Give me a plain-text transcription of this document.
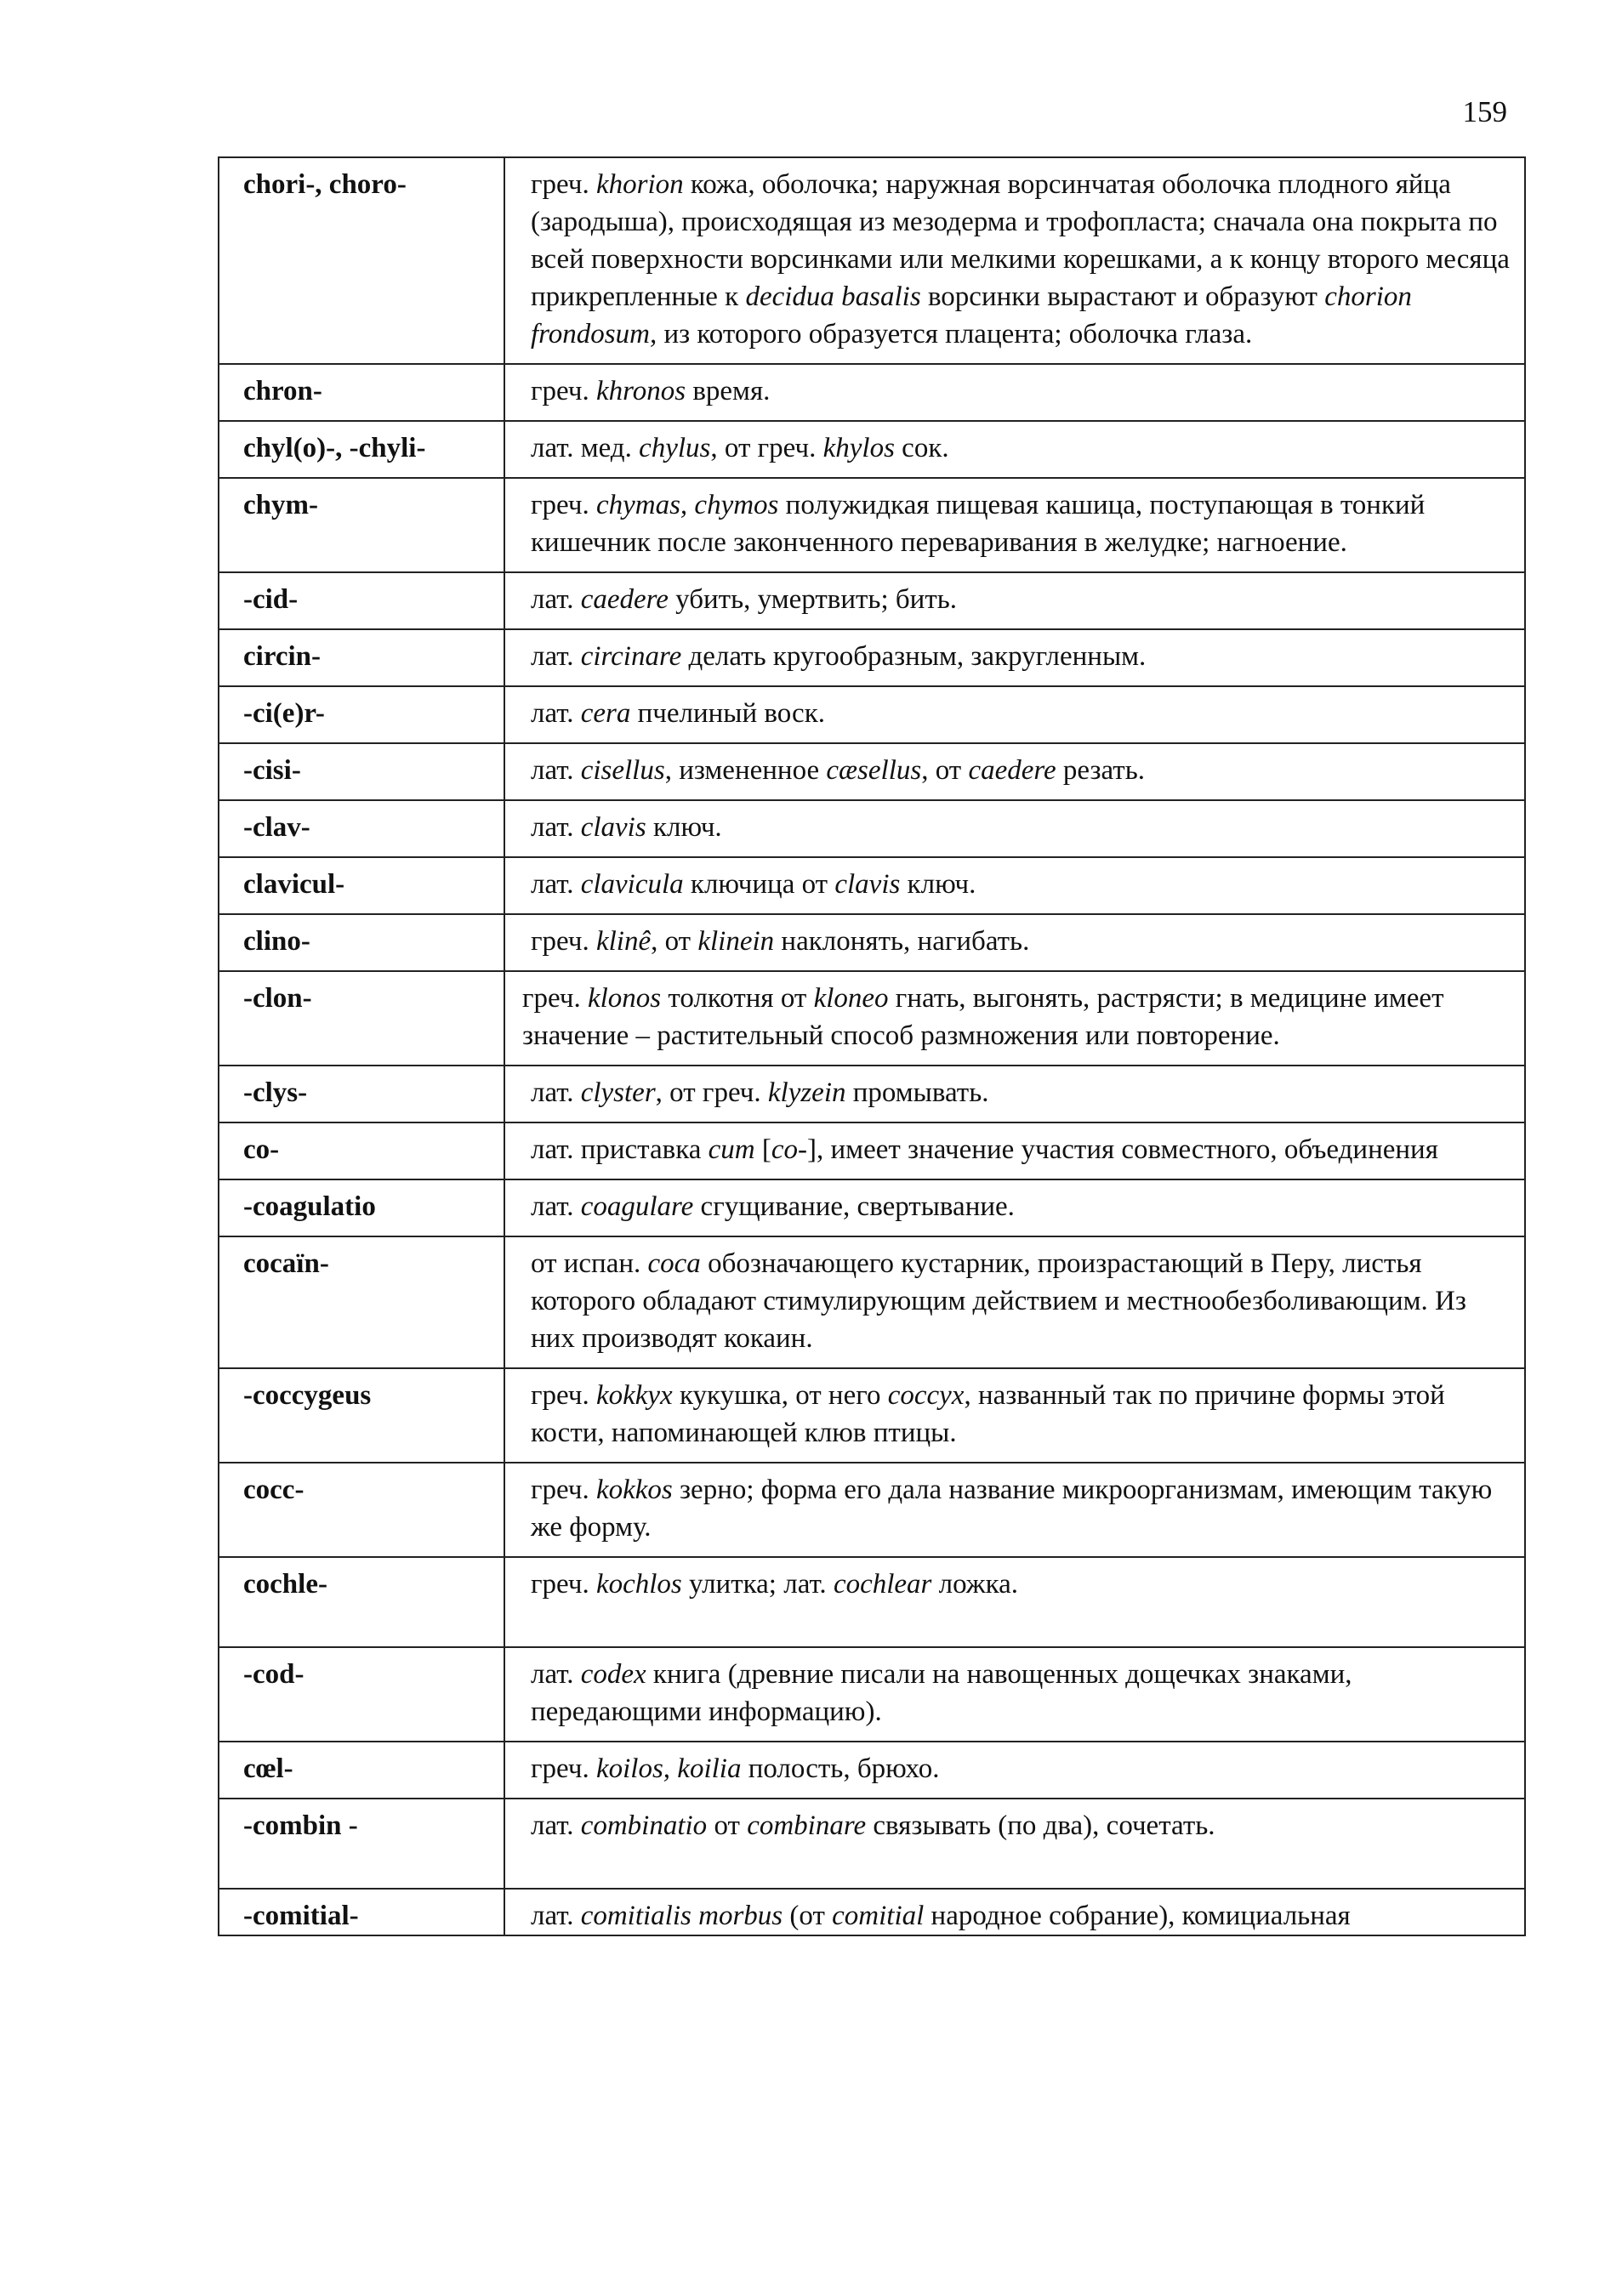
159
chori-, choro-	греч. khorion кожа, оболочка; наружная ворсинчатая оболочка плодного яйца (зародыша), происходящая из мезодерма и трофопласта; сначала она покрыта по всей поверхности ворсинками или мелкими корешками, а к концу второго месяца прикрепленные к decidua basalis ворсинки вырастают и образуют chorion frondosum, из которого образуется плацента; оболочка глаза.
chron-	греч. khronos время.
chyl(o)-, -chyli-	лат. мед. chylus, от греч. khylos сок.
chym-	греч. chymas, chymos полужидкая пищевая кашица, поступающая в тонкий кишечник после законченного переваривания в желудке; нагноение.
-cid-	лат. caedere убить, умертвить; бить.
circin-	лат. circinare делать кругообразным, закругленным.
-ci(e)r-	лат. cera пчелиный воск.
-cisi-	лат. cisellus, измененное cæsellus, от caedere резать.
-clav-	лат. clavis ключ.
clavicul-	лат. clavicula ключица от clavis ключ.
clino-	греч. klinê, от klinein наклонять, нагибать.
-clon-	греч. klonos толкотня от kloneo гнать, выгонять, растрясти; в медицине имеет значение – растительный способ размножения или повторение.
-clys-	лат. clyster, от греч. klyzein промывать.
co-	лат. приставка cum [co-], имеет значение участия совместного, объединения
-coagulatio	лат. coagulare сгущивание, свертывание.
cocaïn-	от испан. coca обозначающего кустарник, произрастающий в Перу, листья которого обладают стимулирующим действием и местнообезболивающим. Из них производят кокаин.
-coccygeus	греч. kokkyx кукушка, от него coccyx, названный так по причине формы этой кости, напоминающей клюв птицы.
cocc-	греч. kokkos зерно; форма его дала название микроорганизмам, имеющим такую же форму.
cochle-	греч. kochlos улитка; лат. cochlear ложка.
-cod-	лат. codex книга (древние писали на навощенных дощечках знаками, передающими информацию).
cœl-	греч. koilos, koilia полость, брюхо.
-combin -	лат. combinatio от combinare связывать (по два), сочетать.
-comitial-	лат. comitialis morbus (от comitial народное собрание), комициальная
